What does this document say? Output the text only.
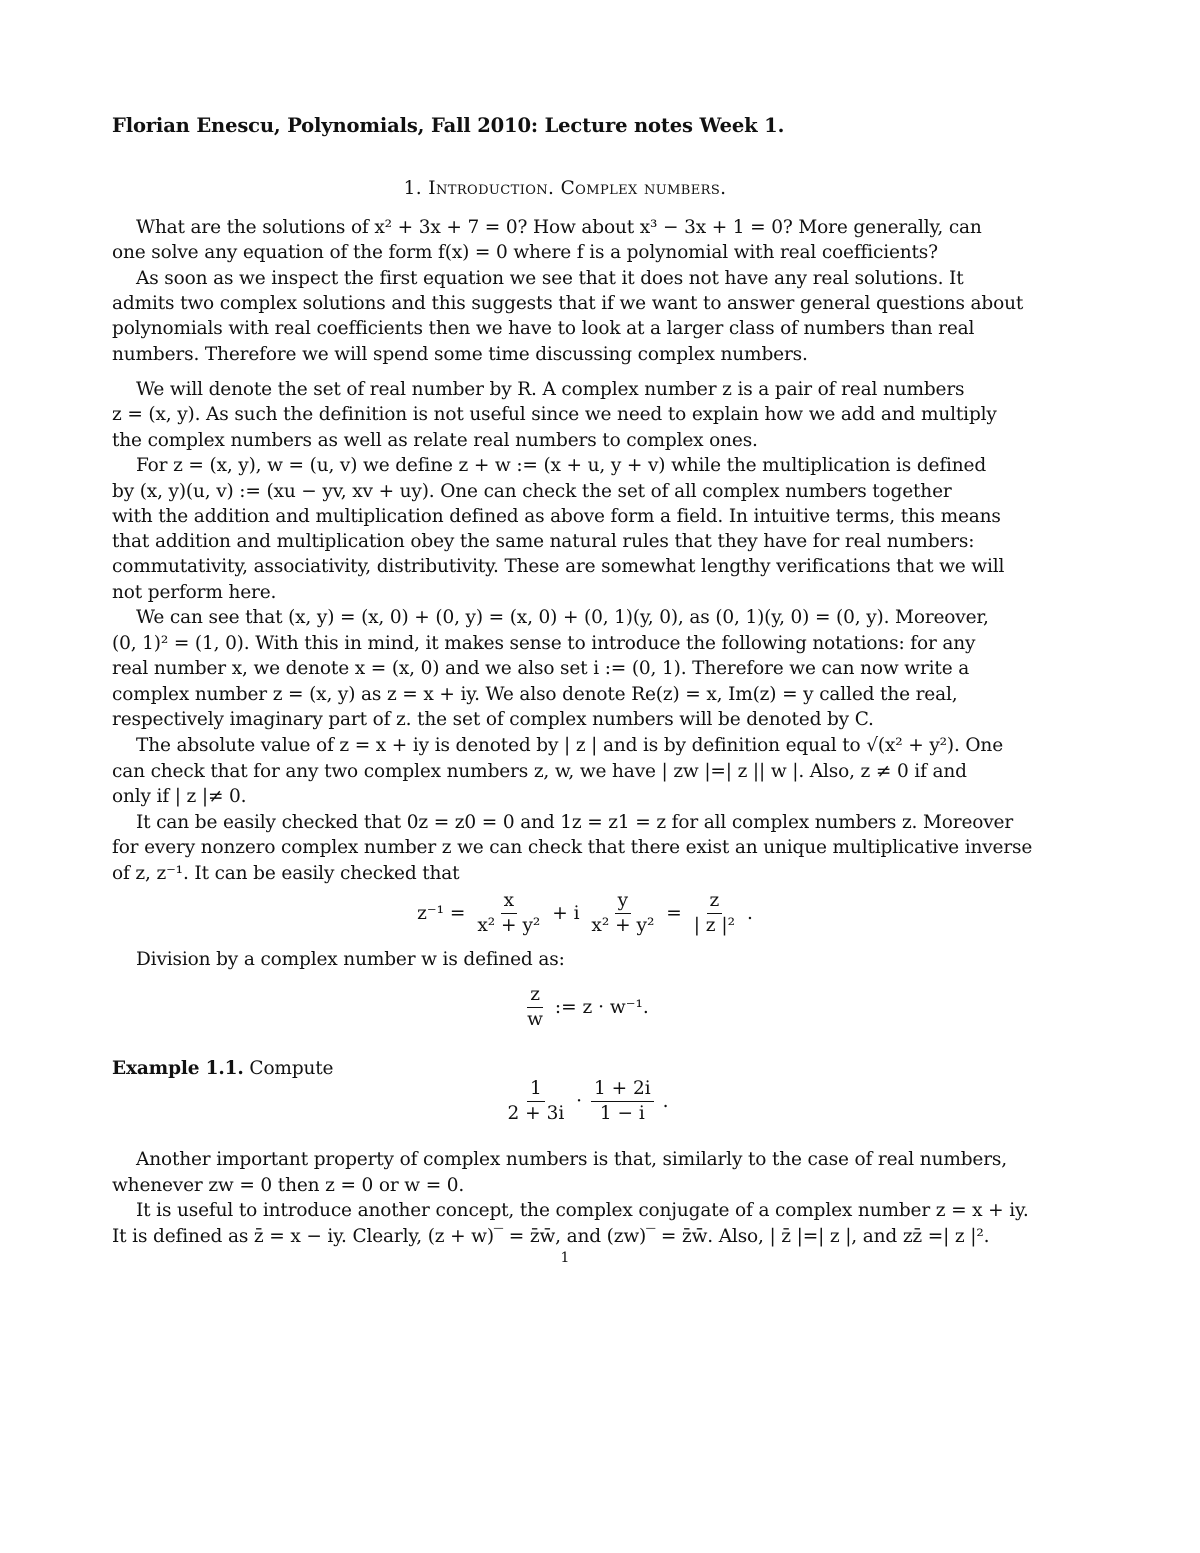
Florian Enescu, Polynomials, Fall 2010: Lecture notes Week 1.
1. Introduction. Complex numbers.
What are the solutions of x² + 3x + 7 = 0? How about x³ − 3x + 1 = 0? More generally, can
one solve any equation of the form f(x) = 0 where f is a polynomial with real coefficients?
As soon as we inspect the first equation we see that it does not have any real solutions. It
admits two complex solutions and this suggests that if we want to answer general questions about
polynomials with real coefficients then we have to look at a larger class of numbers than real
numbers. Therefore we will spend some time discussing complex numbers.
We will denote the set of real number by R. A complex number z is a pair of real numbers
z = (x, y). As such the definition is not useful since we need to explain how we add and multiply
the complex numbers as well as relate real numbers to complex ones.
For z = (x, y), w = (u, v) we define z + w := (x + u, y + v) while the multiplication is defined
by (x, y)(u, v) := (xu − yv, xv + uy). One can check the set of all complex numbers together
with the addition and multiplication defined as above form a field. In intuitive terms, this means
that addition and multiplication obey the same natural rules that they have for real numbers:
commutativity, associativity, distributivity. These are somewhat lengthy verifications that we will
not perform here.
We can see that (x, y) = (x, 0) + (0, y) = (x, 0) + (0, 1)(y, 0), as (0, 1)(y, 0) = (0, y). Moreover,
(0, 1)² = (1, 0). With this in mind, it makes sense to introduce the following notations: for any
real number x, we denote x = (x, 0) and we also set i := (0, 1). Therefore we can now write a
complex number z = (x, y) as z = x + iy. We also denote Re(z) = x, Im(z) = y called the real,
respectively imaginary part of z. the set of complex numbers will be denoted by C.
The absolute value of z = x + iy is denoted by | z | and is by definition equal to √(x² + y²). One
can check that for any two complex numbers z, w, we have | zw |=| z || w |. Also, z ≠ 0 if and
only if | z |≠ 0.
It can be easily checked that 0z = z0 = 0 and 1z = z1 = z for all complex numbers z. Moreover
for every nonzero complex number z we can check that there exist an unique multiplicative inverse
of z, z⁻¹. It can be easily checked that
$z^{-1} = \frac{x}{\text{x² + y²}} + i \frac{y}{\text{x² + y²}} = \frac{z}{\text{| z |²}}$ .
Division by a complex number w is defined as:
$\frac{z}{w}$ := z · w⁻¹.
Example 1.1. Compute
$\frac{1}{2 + 3i} \cdot \frac{1 + 2i}{1 - i}$ .
Another important property of complex numbers is that, similarly to the case of real numbers,
whenever zw = 0 then z = 0 or w = 0.
It is useful to introduce another concept, the complex conjugate of a complex number z = x + iy.
It is defined as z̄ = x − iy. Clearly, (z + w)‾ = z̄w̄, and (zw)‾ = z̄w̄. Also, | z̄ |=| z |, and zz̄ =| z |².
1
